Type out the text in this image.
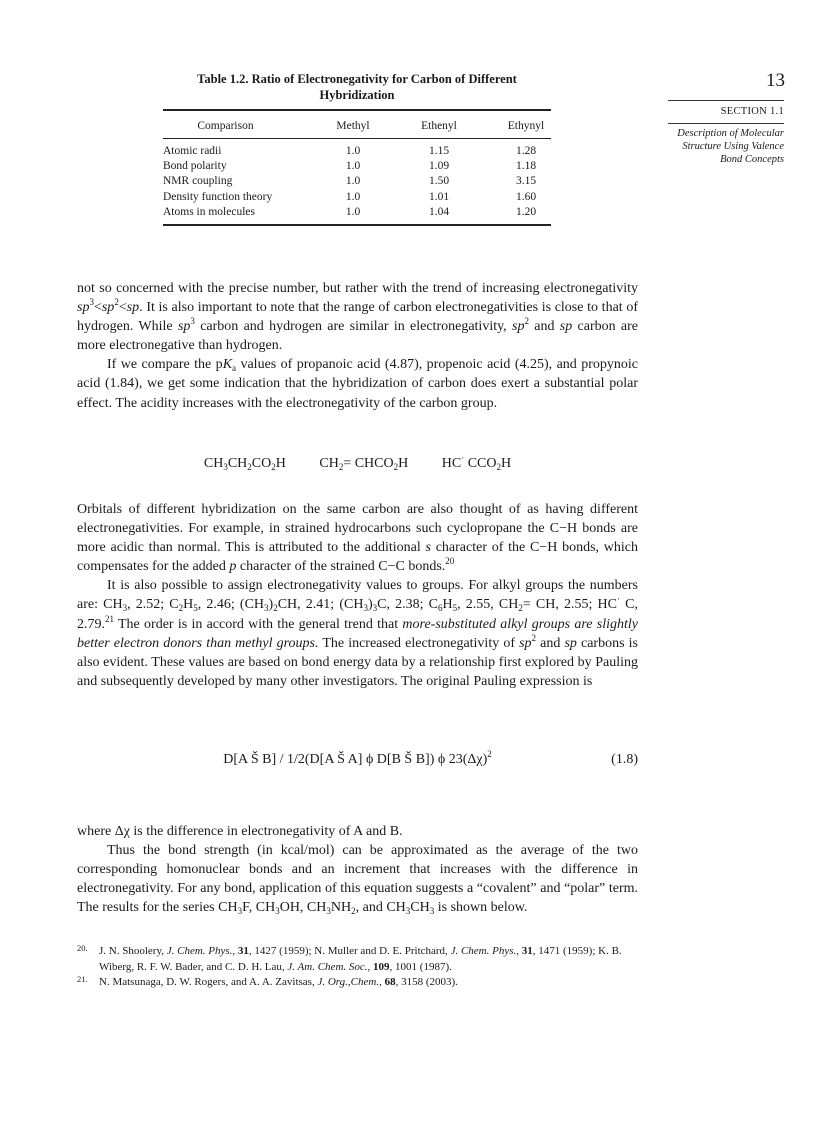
13
SECTION 1.1
Description of Molecular
Structure Using Valence
Bond Concepts
Table 1.2. Ratio of Electronegativity for Carbon of Different
Hybridization
Comparison	Methyl	Ethenyl	Ethynyl
Atomic radii	1.0	1.15	1.28
Bond polarity	1.0	1.09	1.18
NMR coupling	1.0	1.50	3.15
Density function theory	1.0	1.01	1.60
Atoms in molecules	1.0	1.04	1.20

not so concerned with the precise number, but rather with the trend of increasing electronegativity $sp^3<sp^2<sp$. It is also important to note that the range of carbon electronegativities is close to that of hydrogen. While $sp^3$ carbon and hydrogen are similar in electronegativity, $sp^2$ and sp carbon are more electronegative than hydrogen.

If we compare the $pK_a$ values of propanoic acid (4.87), propenoic acid (4.25), and propynoic acid (1.84), we get some indication that the hybridization of carbon does exert a substantial polar effect. The acidity increases with the electronegativity of the carbon group.

$CH_3CH_2CO_2H$ $CH_2=$ $CHCO_2H$ HC· $CCO_2H$

Orbitals of different hybridization on the same carbon are also thought of as having different electronegativities. For example, in strained hydrocarbons such cyclopropane the C−H bonds are more acidic than normal. This is attributed to the additional s character of the C−H bonds, which compensates for the added p character of the strained C−C bonds.$^{20}$

It is also possible to assign electronegativity values to groups. For alkyl groups the numbers are: $CH_3$, 2.52; $C_2H_5$, 2.46; $(CH_3)_2CH$, 2.41; $(CH_3)_3C$, 2.38; $C_6H_5$, 2.55, $CH_2=$ CH, 2.55; HC· C, 2.79.21 The order is in accord with the general trend that more-substituted alkyl groups are slightly better electron donors than methyl groups. The increased electronegativity of $sp^2$ and sp carbons is also evident. These values are based on bond energy data by a relationship first explored by Pauling and subsequently developed by many other investigators. The original Pauling expression is

D[A Š B] / 1/2(D[A Š A] ϕ D[B Š B]) ϕ $23(\Delta\chi)^2$	(1.8)

where Δχ is the difference in electronegativity of A and B.

Thus the bond strength (in kcal/mol) can be approximated as the average of the two corresponding homonuclear bonds and an increment that increases with the difference in electronegativity. For any bond, application of this equation suggests a “covalent” and “polar” term. The results for the series $CH_3F$, $CH_3OH$, $CH_3NH_2$, and $CH_3CH_3$ is shown below.

20. J. N. Shoolery, J. Chem. Phys., 31, 1427 (1959); N. Muller and D. E. Pritchard, J. Chem. Phys., 31, 1471 (1959); K. B. Wiberg, R. F. W. Bader, and C. D. H. Lau, J. Am. Chem. Soc., 109, 1001 (1987).
21. N. Matsunaga, D. W. Rogers, and A. A. Zavitsas, J. Org.,Chem., 68, 3158 (2003).
